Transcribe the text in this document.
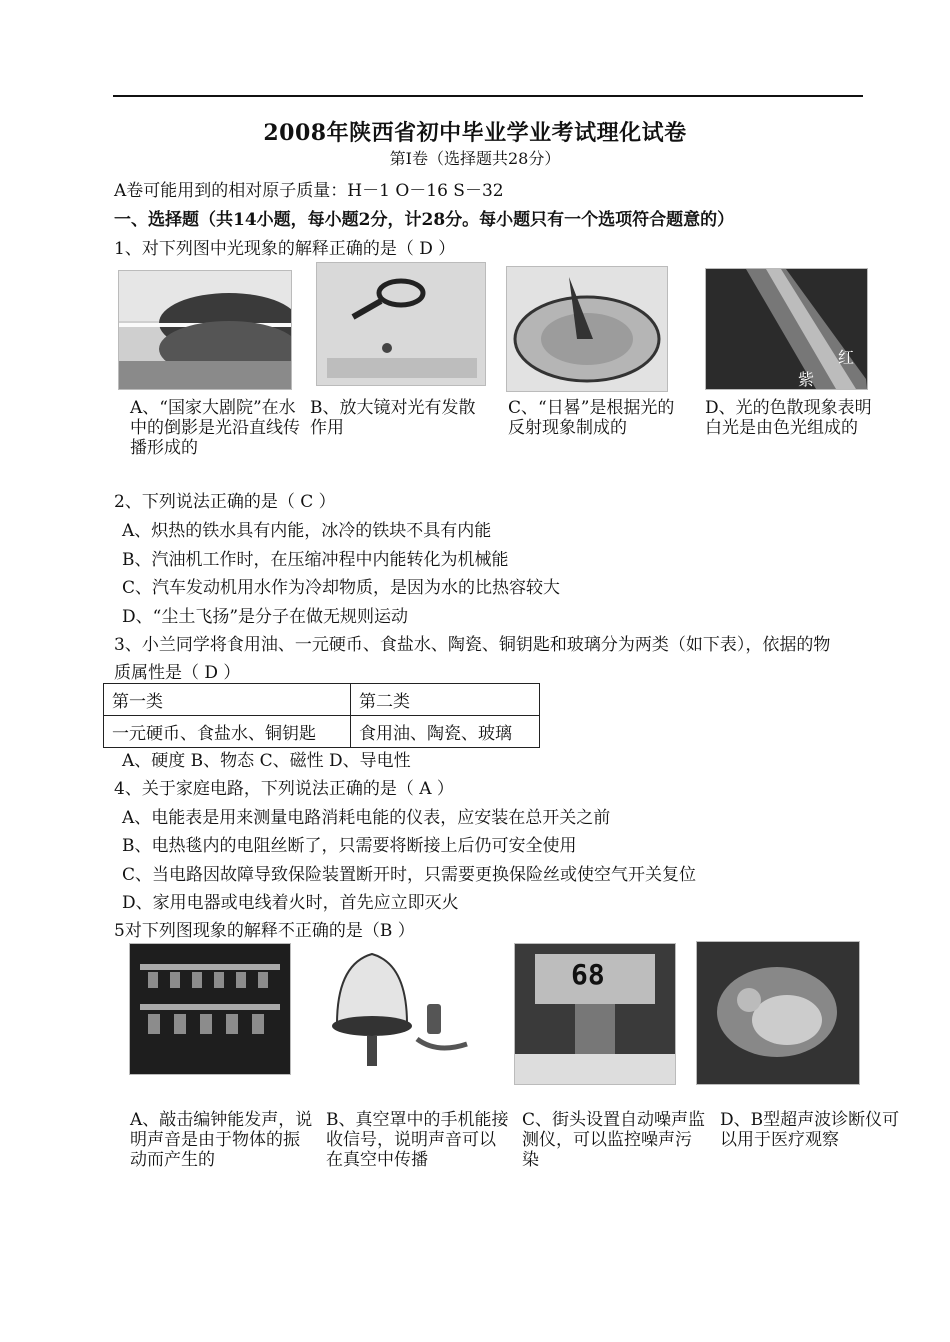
2008年陕西省初中毕业学业考试理化试卷
第I卷（选择题共28分）
A卷可能用到的相对原子质量：H－1 O－16 S－32
一、选择题（共14小题，每小题2分，计28分。每小题只有一个选项符合题意的）
1、对下列图中光现象的解释正确的是（ D ）
红
紫
A、“国家大剧院”在水中的倒影是光沿直线传播形成的
B、放大镜对光有发散作用
C、“日晷”是根据光的反射现象制成的
D、光的色散现象表明白光是由色光组成的
2、下列说法正确的是（ C ）
A、炽热的铁水具有内能，冰冷的铁块不具有内能
B、汽油机工作时，在压缩冲程中内能转化为机械能
C、汽车发动机用水作为冷却物质，是因为水的比热容较大
D、“尘土飞扬”是分子在做无规则运动
3、小兰同学将食用油、一元硬币、食盐水、陶瓷、铜钥匙和玻璃分为两类（如下表），依据的物
质属性是（ D ）
第一类	第二类
一元硬币、食盐水、铜钥匙	食用油、陶瓷、玻璃
A、硬度 B、物态 C、磁性 D、导电性
4、关于家庭电路，下列说法正确的是（ A ）
A、电能表是用来测量电路消耗电能的仪表，应安装在总开关之前
B、电热毯内的电阻丝断了，只需要将断接上后仍可安全使用
C、当电路因故障导致保险装置断开时，只需要更换保险丝或使空气开关复位
D、家用电器或电线着火时，首先应立即灭火
5对下列图现象的解释不正确的是（B ）
68
A、敲击编钟能发声，说明声音是由于物体的振动而产生的
B、真空罩中的手机能接收信号，说明声音可以在真空中传播
C、街头设置自动噪声监测仪，可以监控噪声污染
D、B型超声波诊断仪可以用于医疗观察
